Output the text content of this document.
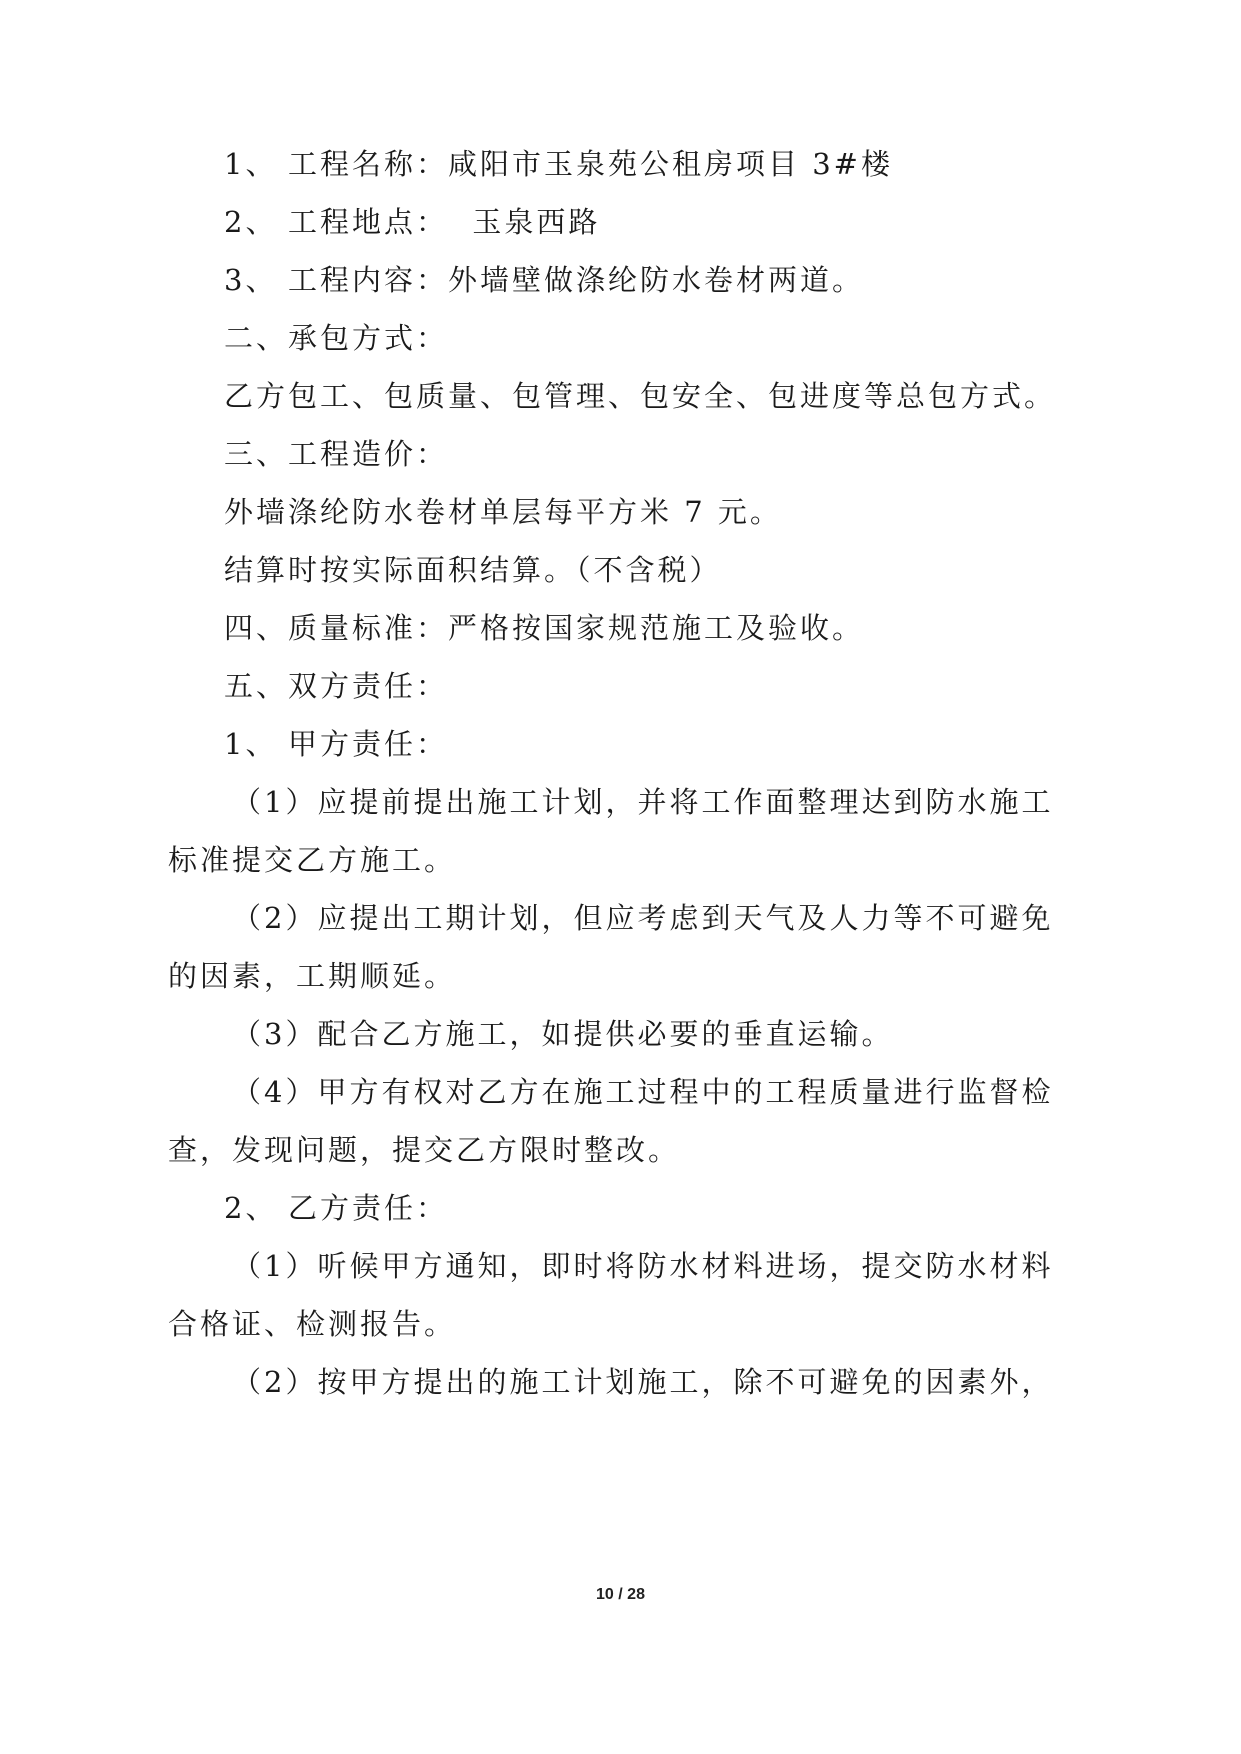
1、 工程名称：咸阳市玉泉苑公租房项目 3#楼
2、 工程地点：  玉泉西路
3、 工程内容：外墙壁做涤纶防水卷材两道。
二、承包方式：
乙方包工、包质量、包管理、包安全、包进度等总包方式。
三、工程造价：
外墙涤纶防水卷材单层每平方米 7 元。
结算时按实际面积结算。（不含税）
四、质量标准：严格按国家规范施工及验收。
五、双方责任：
1、 甲方责任：
（1）应提前提出施工计划，并将工作面整理达到防水施工
标准提交乙方施工。
（2）应提出工期计划，但应考虑到天气及人力等不可避免
的因素，工期顺延。
（3）配合乙方施工，如提供必要的垂直运输。
（4）甲方有权对乙方在施工过程中的工程质量进行监督检
查，发现问题，提交乙方限时整改。
2、 乙方责任：
（1）听候甲方通知，即时将防水材料进场，提交防水材料
合格证、检测报告。
（2）按甲方提出的施工计划施工，除不可避免的因素外，
10 / 28
